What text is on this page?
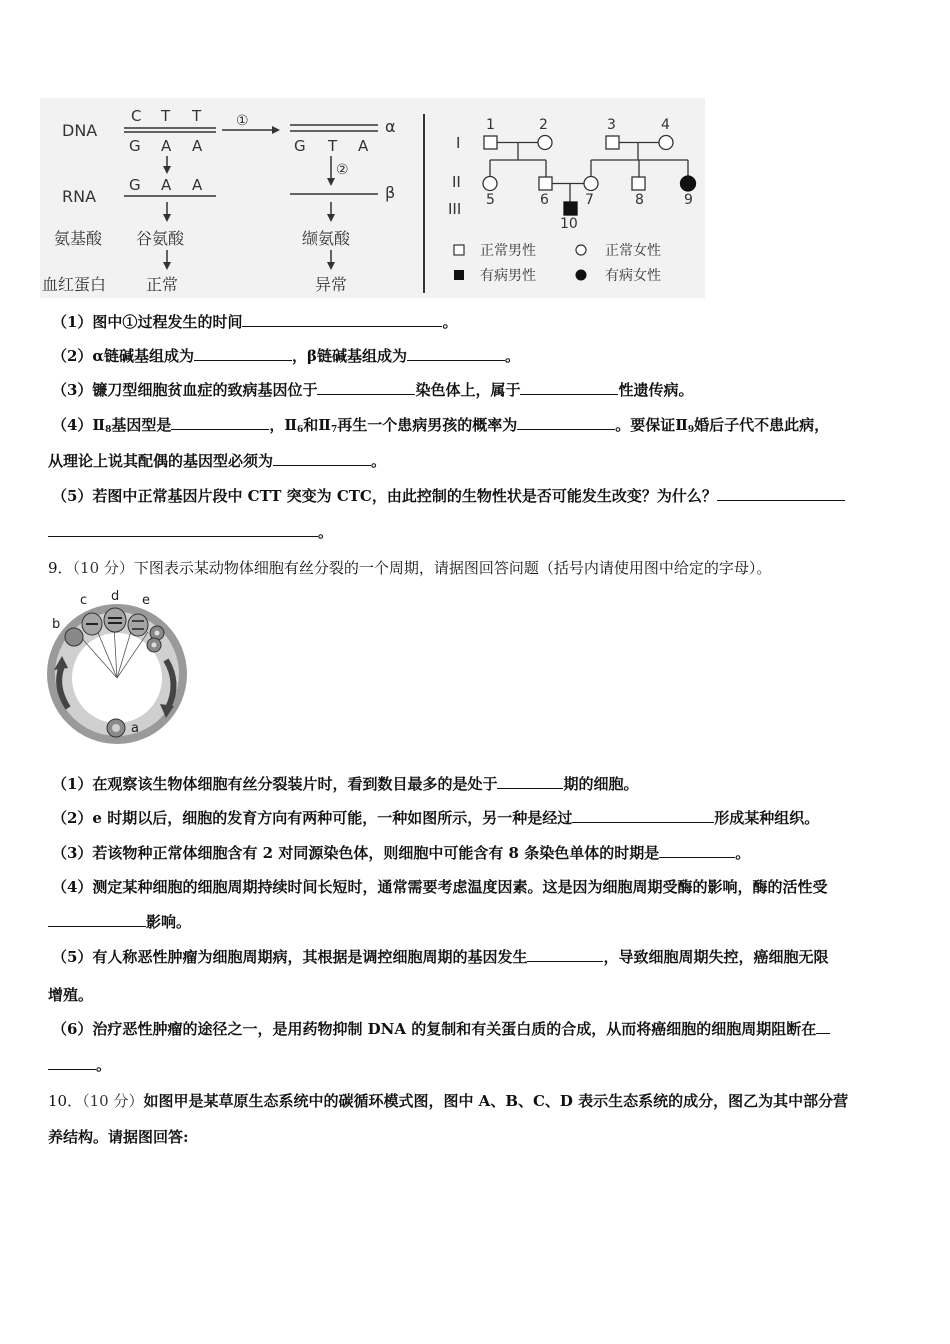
DNA
C T T
G A A
①	α
G T A
②
RNA
G A A	β
氨基酸 谷氨酸	缬氨酸
血红蛋白 正常	异常
I
II
III
1	2	3	4
5	6	7	8	9
10
正常男性	正常女性
有病男性	有病女性
（1）图中①过程发生的时间	。
（2）α链碱基组成为	，β链碱基组成为	。
（3）镰刀型细胞贫血症的致病基因位于	染色体上，属于	性遗传病。
$(4)Ⅱ_8$基因型是	，$Ⅱ_6$和$Ⅱ_7$再生一个患病男孩的概率为	。要保证$Ⅱ_9$婚后子代不患此病，
从理论上说其配偶的基因型必须为	。
（5）若图中正常基因片段中 CTT 突变为 CTC，由此控制的生物性状是否可能发生改变？为什么？
。
9．（10 分）下图表示某动物体细胞有丝分裂的一个周期，请据图回答问题（括号内请使用图中给定的字母）。
a
b
c d e
（1）在观察该生物体细胞有丝分裂装片时，看到数目最多的是处于	期的细胞。
（2）e 时期以后，细胞的发育方向有两种可能，一种如图所示，另一种是经过	形成某种组织。
（3）若该物种正常体细胞含有 2 对同源染色体，则细胞中可能含有 8 条染色单体的时期是	。
（4）测定某种细胞的细胞周期持续时间长短时，通常需要考虑温度因素。这是因为细胞周期受酶的影响，酶的活性受
影响。
（5）有人称恶性肿瘤为细胞周期病，其根据是调控细胞周期的基因发生	，导致细胞周期失控，癌细胞无限
增殖。
（6）治疗恶性肿瘤的途径之一，是用药物抑制 DNA 的复制和有关蛋白质的合成，从而将癌细胞的细胞周期阻断在
。
10．（10 分）如图甲是某草原生态系统中的碳循环模式图，图中 A、B、C、D 表示生态系统的成分，图乙为其中部分营
养结构。请据图回答:
